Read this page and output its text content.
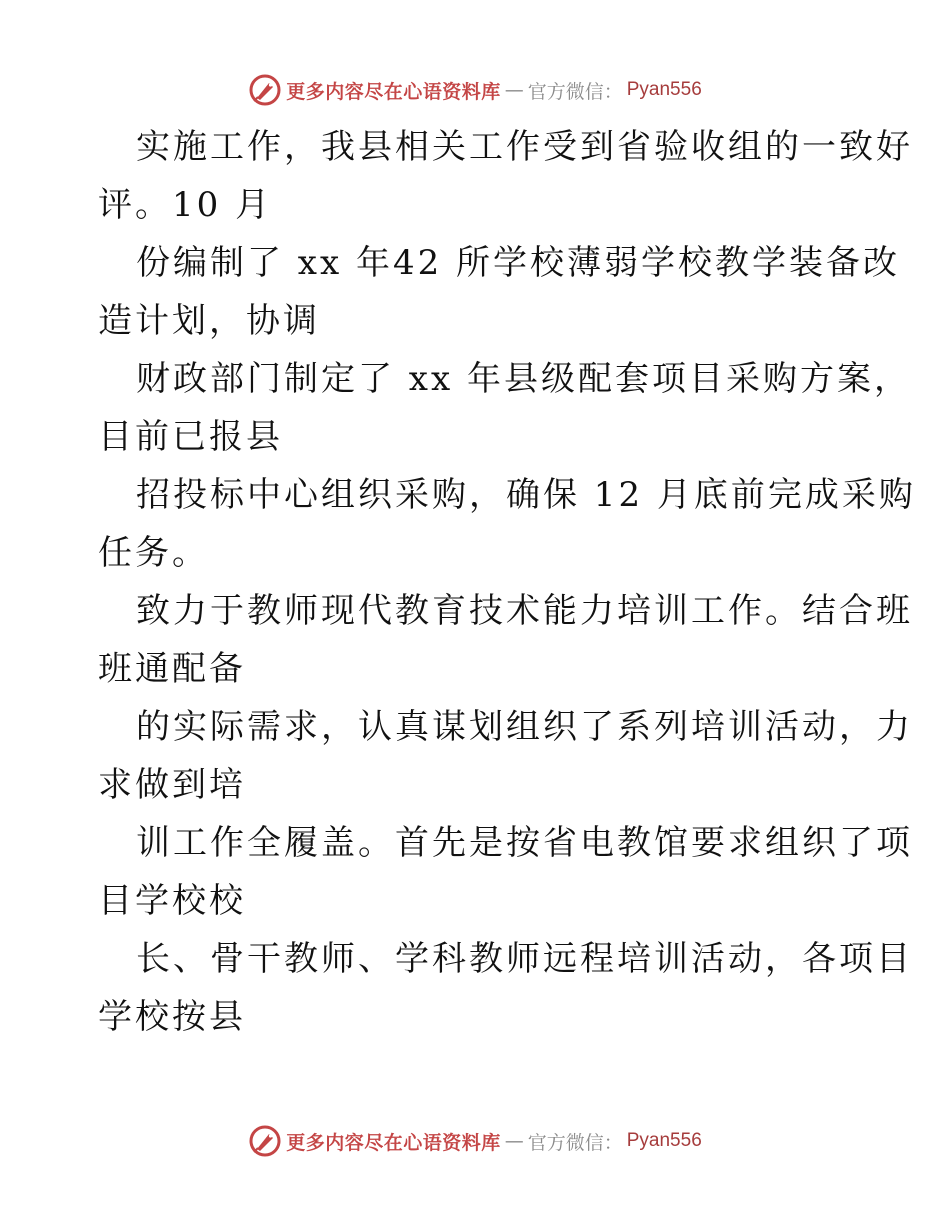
更多内容尽在心语资料库 — 官方微信： Pyan556
实施工作，我县相关工作受到省验收组的一致好
评。10 月
份编制了 xx 年42 所学校薄弱学校教学装备改
造计划，协调
财政部门制定了 xx 年县级配套项目采购方案，
目前已报县
招投标中心组织采购，确保 12 月底前完成采购
任务。
致力于教师现代教育技术能力培训工作。结合班
班通配备
的实际需求，认真谋划组织了系列培训活动，力
求做到培
训工作全履盖。首先是按省电教馆要求组织了项
目学校校
长、骨干教师、学科教师远程培训活动，各项目
学校按县
更多内容尽在心语资料库 — 官方微信： Pyan556
